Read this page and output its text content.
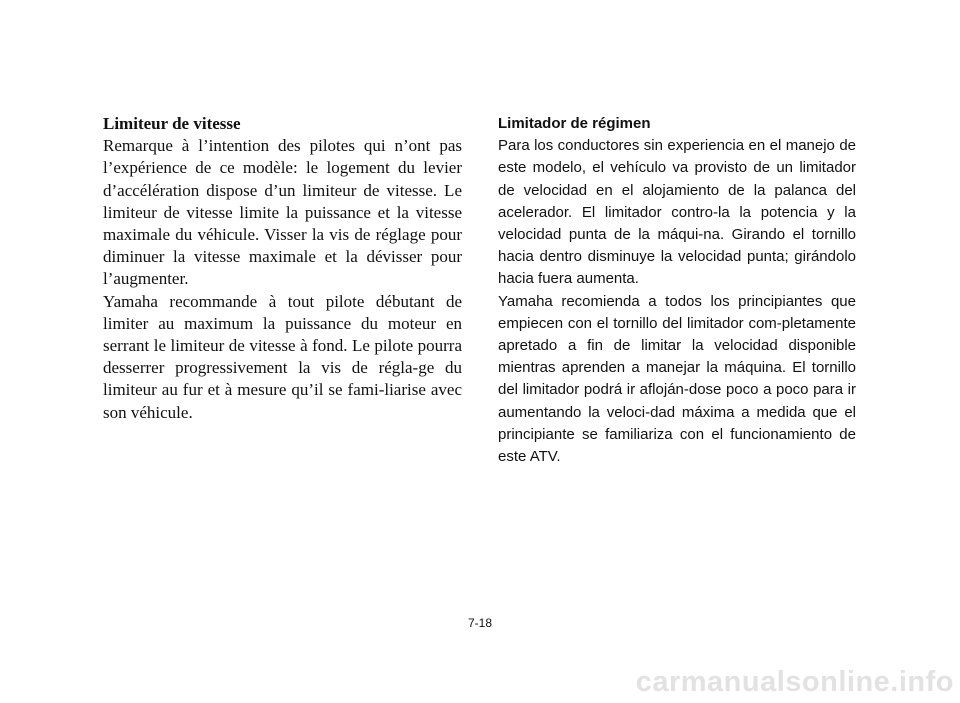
Limiteur de vitesse

Remarque à l’intention des pilotes qui n’ont pas l’expérience de ce modèle: le logement du levier d’accélération dispose d’un limiteur de vitesse. Le limiteur de vitesse limite la puissance et la vitesse maximale du véhicule. Visser la vis de réglage pour diminuer la vitesse maximale et la dévisser pour l’augmenter.

Yamaha recommande à tout pilote débutant de limiter au maximum la puissance du moteur en serrant le limiteur de vitesse à fond. Le pilote pourra desserrer progressivement la vis de régla-ge du limiteur au fur et à mesure qu’il se fami-liarise avec son véhicule.

Limitador de régimen

Para los conductores sin experiencia en el manejo de este modelo, el vehículo va provisto de un limitador de velocidad en el alojamiento de la palanca del acelerador. El limitador contro-la la potencia y la velocidad punta de la máqui-na. Girando el tornillo hacia dentro disminuye la velocidad punta; girándolo hacia fuera aumenta.

Yamaha recomienda a todos los principiantes que empiecen con el tornillo del limitador com-pletamente apretado a fin de limitar la velocidad disponible mientras aprenden a manejar la máquina. El tornillo del limitador podrá ir afloján-dose poco a poco para ir aumentando la veloci-dad máxima a medida que el principiante se familiariza con el funcionamiento de este ATV.

7-18
carmanualsonline.info
